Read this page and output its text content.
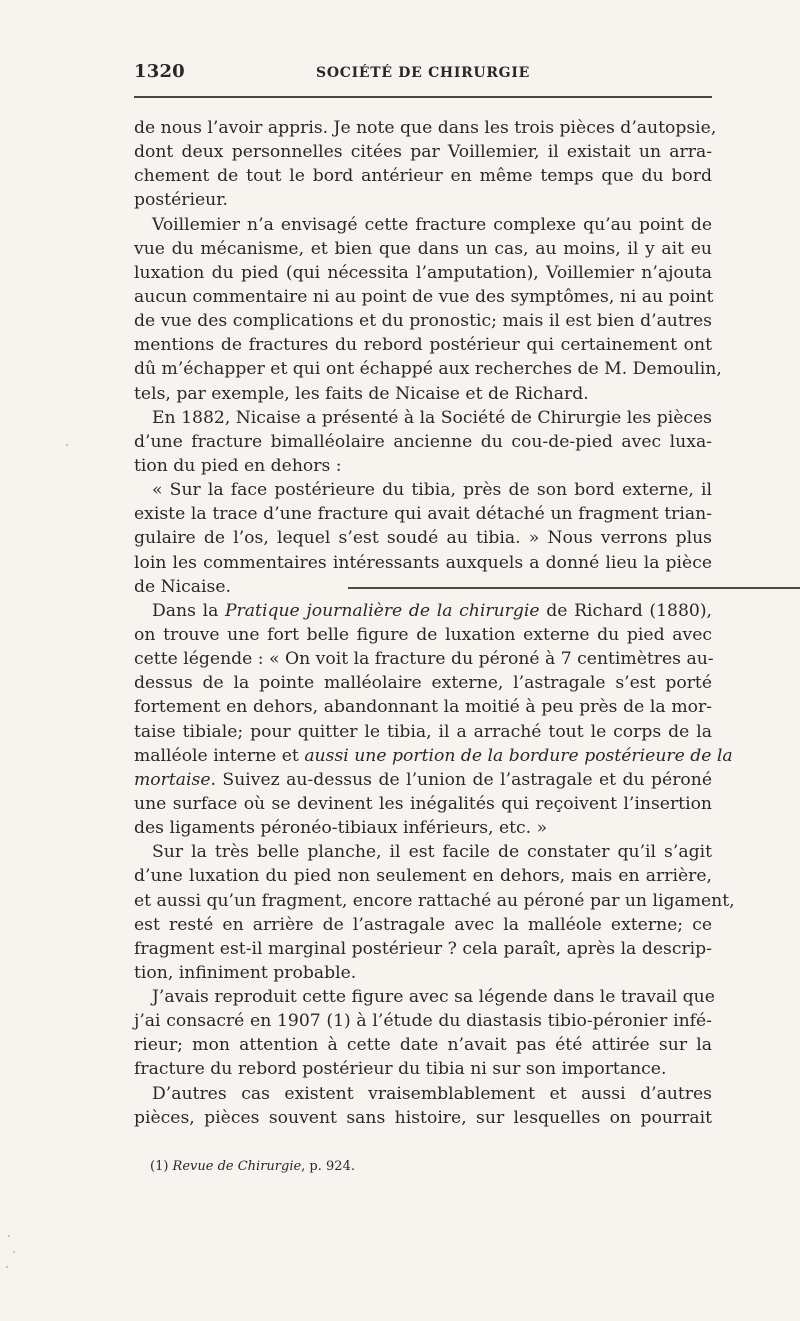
1320	SOCIÉTÉ DE CHIRURGIE
de nous l’avoir appris. Je note que dans les trois pièces d’autopsie,
dont deux personnelles citées par Voillemier, il existait un arra-
chement de tout le bord antérieur en même temps que du bord
postérieur.
Voillemier n’a envisagé cette fracture complexe qu’au point de
vue du mécanisme, et bien que dans un cas, au moins, il y ait eu
luxation du pied (qui nécessita l’amputation), Voillemier n’ajouta
aucun commentaire ni au point de vue des symptômes, ni au point
de vue des complications et du pronostic; mais il est bien d’autres
mentions de fractures du rebord postérieur qui certainement ont
dû m’échapper et qui ont échappé aux recherches de M. Demoulin,
tels, par exemple, les faits de Nicaise et de Richard.
En 1882, Nicaise a présenté à la Société de Chirurgie les pièces
d’une fracture bimalléolaire ancienne du cou-de-pied avec luxa-
tion du pied en dehors :
« Sur la face postérieure du tibia, près de son bord externe, il
existe la trace d’une fracture qui avait détaché un fragment trian-
gulaire de l’os, lequel s’est soudé au tibia. » Nous verrons plus
loin les commentaires intéressants auxquels a donné lieu la pièce
de Nicaise.
Dans la Pratique journalière de la chirurgie de Richard (1880),
on trouve une fort belle figure de luxation externe du pied avec
cette légende : « On voit la fracture du péroné à 7 centimètres au-
dessus de la pointe malléolaire externe, l’astragale s’est porté
fortement en dehors, abandonnant la moitié à peu près de la mor-
taise tibiale; pour quitter le tibia, il a arraché tout le corps de la
malléole interne et aussi une portion de la bordure postérieure de la
mortaise. Suivez au-dessus de l’union de l’astragale et du péroné
une surface où se devinent les inégalités qui reçoivent l’insertion
des ligaments péronéo-tibiaux inférieurs, etc. »
Sur la très belle planche, il est facile de constater qu’il s’agit
d’une luxation du pied non seulement en dehors, mais en arrière,
et aussi qu’un fragment, encore rattaché au péroné par un ligament,
est resté en arrière de l’astragale avec la malléole externe; ce
fragment est-il marginal postérieur ? cela paraît, après la descrip-
tion, infiniment probable.
J’avais reproduit cette figure avec sa légende dans le travail que
j’ai consacré en 1907 (1) à l’étude du diastasis tibio-péronier infé-
rieur; mon attention à cette date n’avait pas été attirée sur la
fracture du rebord postérieur du tibia ni sur son importance.
D’autres cas existent vraisemblablement et aussi d’autres
pièces, pièces souvent sans histoire, sur lesquelles on pourrait
(1) Revue de Chirurgie, p. 924.
